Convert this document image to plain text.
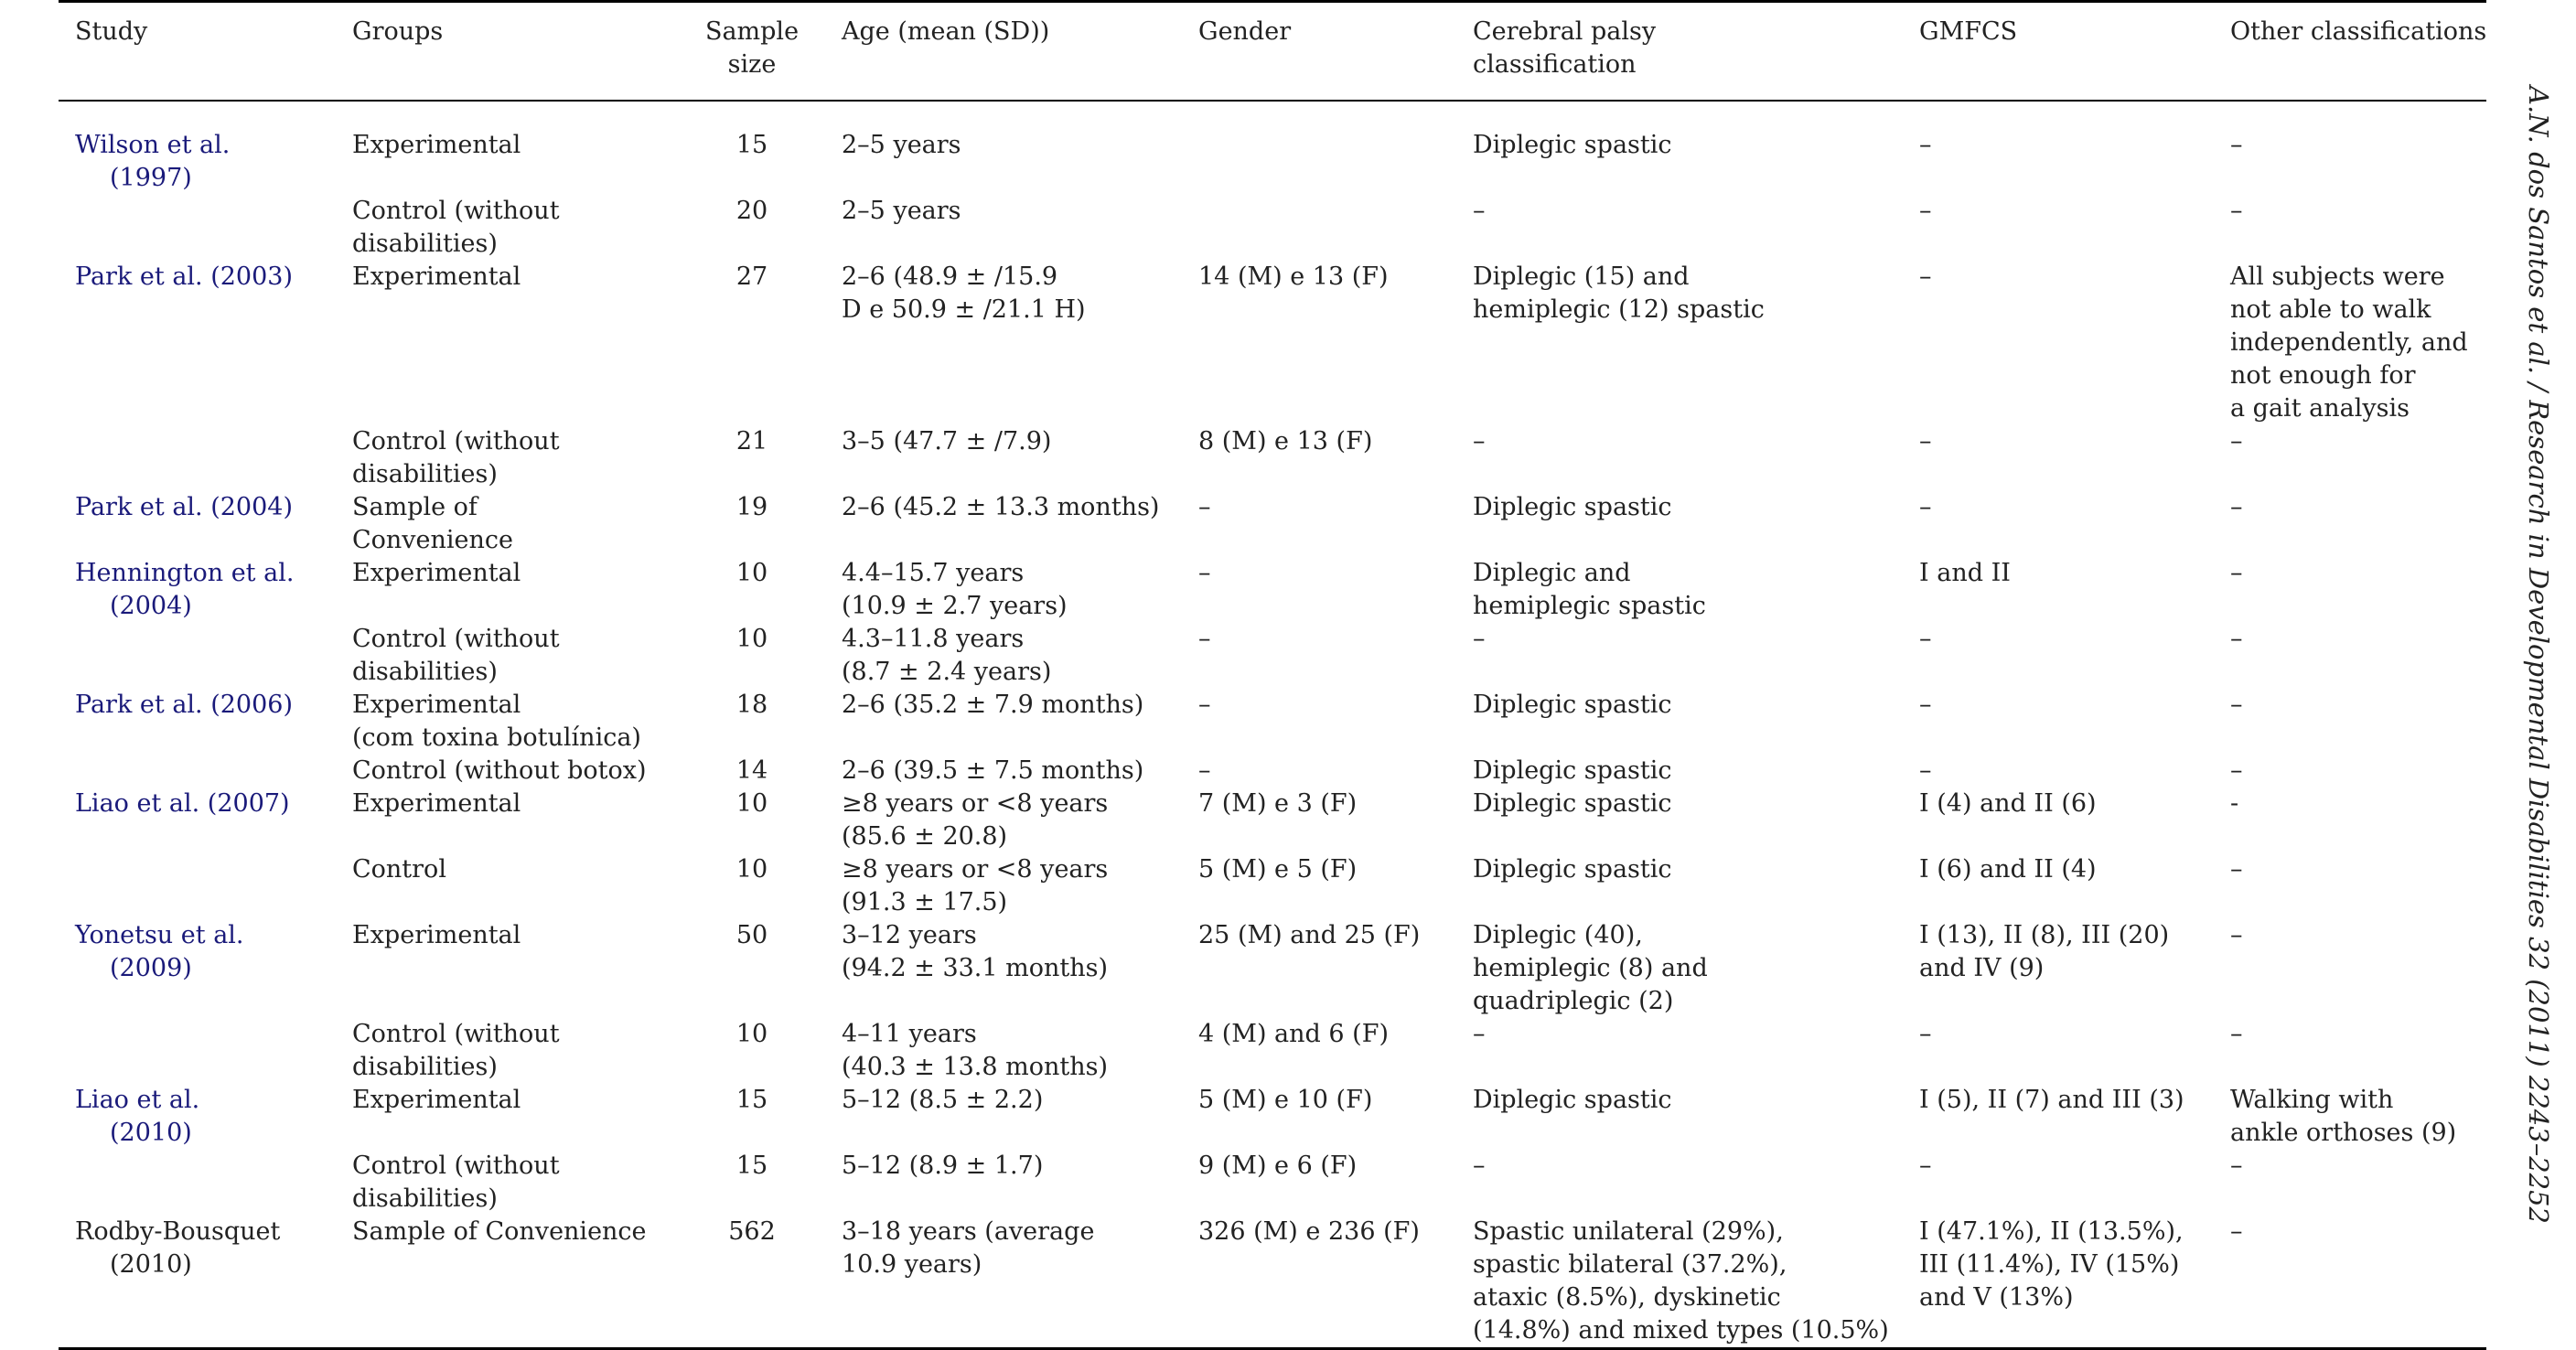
Study	Groups	Sample
size	Age (mean (SD))	Gender	Cerebral palsy
classification	GMFCS	Other classifications

Wilson et al.
(1997)	Experimental	15	2–5 years		Diplegic spastic	–	–

	Control (without
disabilities)	20	2–5 years		–	–	–

Park et al. (2003)	Experimental	27	2–6 (48.9 ± /15.9
D e 50.9 ± /21.1 H)	14 (M) e 13 (F)	Diplegic (15) and
hemiplegic (12) spastic	–	All subjects were
not able to walk
independently, and
not enough for
a gait analysis

	Control (without
disabilities)	21	3–5 (47.7 ± /7.9)	8 (M) e 13 (F)	–	–	–

Park et al. (2004)	Sample of
Convenience	19	2–6 (45.2 ± 13.3 months)	–	Diplegic spastic	–	–

Hennington et al.
(2004)	Experimental	10	4.4–15.7 years
(10.9 ± 2.7 years)	–	Diplegic and
hemiplegic spastic	I and II	–

	Control (without
disabilities)	10	4.3–11.8 years
(8.7 ± 2.4 years)	–	–	–	–

Park et al. (2006)	Experimental
(com toxina botulínica)	18	2–6 (35.2 ± 7.9 months)	–	Diplegic spastic	–	–

	Control (without botox)	14	2–6 (39.5 ± 7.5 months)	–	Diplegic spastic	–	–

Liao et al. (2007)	Experimental	10	≥8 years or <8 years
(85.6 ± 20.8)	7 (M) e 3 (F)	Diplegic spastic	I (4) and II (6)	-

	Control	10	≥8 years or <8 years
(91.3 ± 17.5)	5 (M) e 5 (F)	Diplegic spastic	I (6) and II (4)	–

Yonetsu et al.
(2009)	Experimental	50	3–12 years
(94.2 ± 33.1 months)	25 (M) and 25 (F)	Diplegic (40),
hemiplegic (8) and
quadriplegic (2)	I (13), II (8), III (20)
and IV (9)	–

	Control (without
disabilities)	10	4–11 years
(40.3 ± 13.8 months)	4 (M) and 6 (F)	–	–	–

Liao et al.
(2010)	Experimental	15	5–12 (8.5 ± 2.2)	5 (M) e 10 (F)	Diplegic spastic	I (5), II (7) and III (3)	Walking with
ankle orthoses (9)

	Control (without
disabilities)	15	5–12 (8.9 ± 1.7)	9 (M) e 6 (F)	–	–	–

Rodby-Bousquet
(2010)	Sample of Convenience	562	3–18 years (average
10.9 years)	326 (M) e 236 (F)	Spastic unilateral (29%),
spastic bilateral (37.2%),
ataxic (8.5%), dyskinetic
(14.8%) and mixed types (10.5%)	I (47.1%), II (13.5%),
III (11.4%), IV (15%)
and V (13%)	–
A.N. dos Santos et al. / Research in Developmental Disabilities 32 (2011) 2243–2252
